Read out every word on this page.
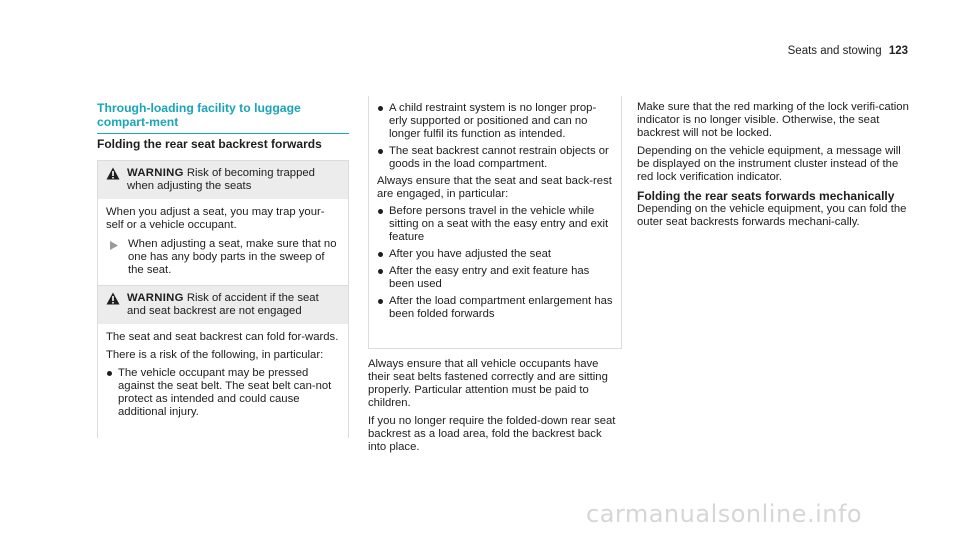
Seats and stowing 123
Through-loading facility to luggage compart-ment
Folding the rear seat backrest forwards
WARNING Risk of becoming trapped when adjusting the seats

When you adjust a seat, you may trap your-self or a vehicle occupant.

When adjusting a seat, make sure that no one has any body parts in the sweep of the seat.
WARNING Risk of accident if the seat and seat backrest are not engaged

The seat and seat backrest can fold for-wards.

There is a risk of the following, in particular:

The vehicle occupant may be pressed against the seat belt. The seat belt can-not protect as intended and could cause additional injury.
A child restraint system is no longer prop-erly supported or positioned and can no longer fulfil its function as intended.
The seat backrest cannot restrain objects or goods in the load compartment.

Always ensure that the seat and seat back-rest are engaged, in particular:

Before persons travel in the vehicle while sitting on a seat with the easy entry and exit feature
After you have adjusted the seat
After the easy entry and exit feature has been used
After the load compartment enlargement has been folded forwards

Always ensure that all vehicle occupants have their seat belts fastened correctly and are sitting properly. Particular attention must be paid to children.

If you no longer require the folded-down rear seat backrest as a load area, fold the backrest back into place.

Make sure that the red marking of the lock verifi-cation indicator is no longer visible. Otherwise, the seat backrest will not be locked.

Depending on the vehicle equipment, a message will be displayed on the instrument cluster instead of the red lock verification indicator.

Folding the rear seats forwards mechanically

Depending on the vehicle equipment, you can fold the outer seat backrests forwards mechani-cally.

carmanualsonline.info
